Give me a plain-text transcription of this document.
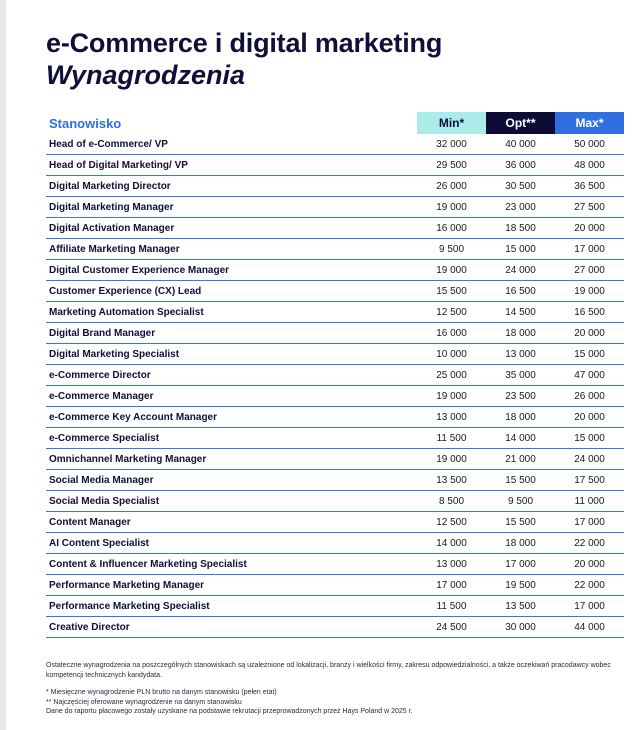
e-Commerce i digital marketing
Wynagrodzenia
Stanowisko	Min*	Opt**	Max*
Head of e-Commerce/ VP	32 000	40 000	50 000
Head of Digital Marketing/ VP	29 500	36 000	48 000
Digital Marketing Director	26 000	30 500	36 500
Digital Marketing Manager	19 000	23 000	27 500
Digital Activation Manager	16 000	18 500	20 000
Affiliate Marketing Manager	9 500	15 000	17 000
Digital Customer Experience Manager	19 000	24 000	27 000
Customer Experience (CX) Lead	15 500	16 500	19 000
Marketing Automation Specialist	12 500	14 500	16 500
Digital Brand Manager	16 000	18 000	20 000
Digital Marketing Specialist	10 000	13 000	15 000
e-Commerce Director	25 000	35 000	47 000
e-Commerce Manager	19 000	23 500	26 000
e-Commerce Key Account Manager	13 000	18 000	20 000
e-Commerce Specialist	11 500	14 000	15 000
Omnichannel Marketing Manager	19 000	21 000	24 000
Social Media Manager	13 500	15 500	17 500
Social Media Specialist	8 500	9 500	11 000
Content Manager	12 500	15 500	17 000
AI Content Specialist	14 000	18 000	22 000
Content & Influencer Marketing Specialist	13 000	17 000	20 000
Performance Marketing Manager	17 000	19 500	22 000
Performance Marketing Specialist	11 500	13 500	17 000
Creative Director	24 500	30 000	44 000

Ostateczne wynagrodzenia na poszczególnych stanowiskach są uzależnione od lokalizacji, branży i wielkości firmy, zakresu odpowiedzialności, a także oczekiwań pracodawcy wobec kompetencji technicznych kandydata.

* Miesięczne wynagrodzenie PLN brutto na danym stanowisku (pełen etat)

** Najczęściej oferowane wynagrodzenie na danym stanowisku

Dane do raportu płacowego zostały uzyskane na podstawie rekrutacji przeprowadzonych przez Hays Poland w 2025 r.
